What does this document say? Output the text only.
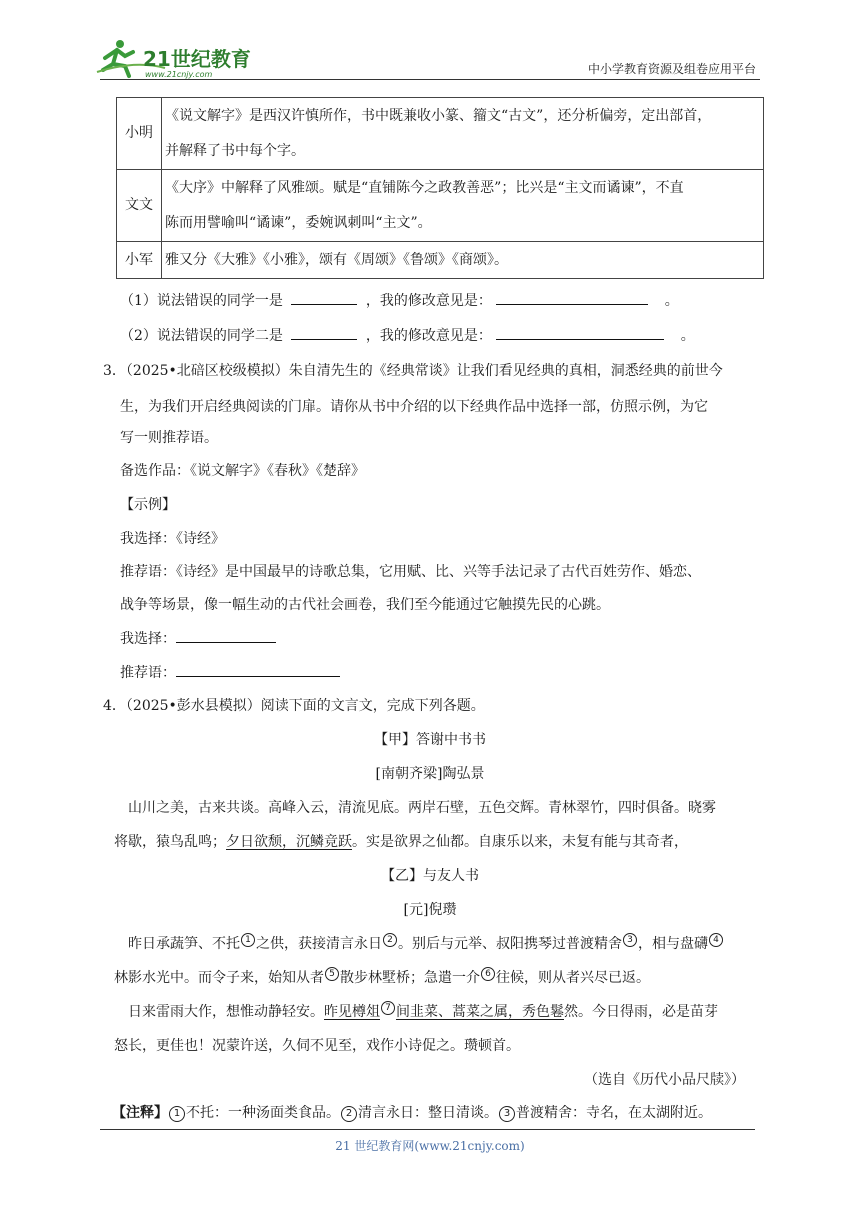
21世纪教育
www.21cnjy.com	中小学教育资源及组卷应用平台
小明	《说文解字》是西汉许慎所作，书中既兼收小篆、籀文“古文”，还分析偏旁，定出部首，
并解释了书中每个字。
文文	《大序》中解释了风雅颂。赋是“直铺陈今之政教善恶”；比兴是“主文而谲谏”，不直
陈而用譬喻叫“谲谏”，委婉讽刺叫“主文”。
小军	雅又分《大雅》《小雅》，颂有《周颂》《鲁颂》《商颂》。
（1）说法错误的同学一是	，我的修改意见是：	。
（2）说法错误的同学二是	，我的修改意见是：	。
3．（2025•北碚区校级模拟）朱自清先生的《经典常谈》让我们看见经典的真相，洞悉经典的前世今
生，为我们开启经典阅读的门扉。请你从书中介绍的以下经典作品中选择一部，仿照示例，为它
写一则推荐语。
备选作品：《说文解字》《春秋》《楚辞》
【示例】
我选择：《诗经》
推荐语：《诗经》是中国最早的诗歌总集，它用赋、比、兴等手法记录了古代百姓劳作、婚恋、
战争等场景，像一幅生动的古代社会画卷，我们至今能通过它触摸先民的心跳。
我选择：
推荐语：
4．（2025•彭水县模拟）阅读下面的文言文，完成下列各题。
【甲】答谢中书书
[南朝齐梁]陶弘景
山川之美，古来共谈。高峰入云，清流见底。两岸石壁，五色交辉。青林翠竹，四时俱备。晓雾
将歇，猿鸟乱鸣；夕日欲颓，沉鳞竞跃。实是欲界之仙都。自康乐以来，未复有能与其奇者，
【乙】与友人书
[元]倪瓒
昨日承蔬笋、不托 1 之供，获接清言永日 2 。别后与元举、叔阳携琴过普渡精舍 3 ，相与盘礴 4
林影水光中。而令子来，始知从者 5 散步林墅桥；急遣一介 6 往候，则从者兴尽已返。
日来雷雨大作，想惟动静轻安。昨见樽俎 7 间韭菜、蒿菜之属，秀色鬈然。今日得雨，必是苗芽
怒长，更佳也！况蒙许送，久伺不见至，戏作小诗促之。瓒顿首。
（选自《历代小品尺牍》）
【注释】 1 不托：一种汤面类食品。 2 清言永日：整日清谈。 3 普渡精舍：寺名，在太湖附近。
21 世纪教育网(www.21cnjy.com)
